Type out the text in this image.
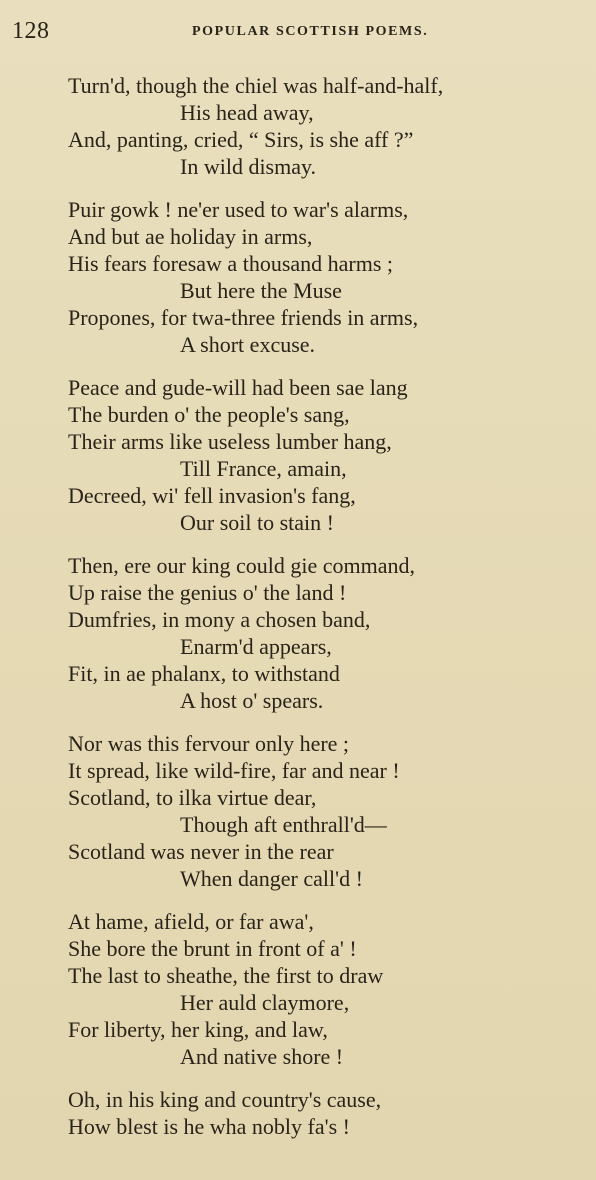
128	POPULAR SCOTTISH POEMS.
Turn'd, though the chiel was half-and-half,
His head away,
And, panting, cried, “ Sirs, is she aff ?”
In wild dismay.
Puir gowk ! ne'er used to war's alarms,
And but ae holiday in arms,
His fears foresaw a thousand harms ;
But here the Muse
Propones, for twa-three friends in arms,
A short excuse.
Peace and gude-will had been sae lang
The burden o' the people's sang,
Their arms like useless lumber hang,
Till France, amain,
Decreed, wi' fell invasion's fang,
Our soil to stain !
Then, ere our king could gie command,
Up raise the genius o' the land !
Dumfries, in mony a chosen band,
Enarm'd appears,
Fit, in ae phalanx, to withstand
A host o' spears.
Nor was this fervour only here ;
It spread, like wild-fire, far and near !
Scotland, to ilka virtue dear,
Though aft enthrall'd—
Scotland was never in the rear
When danger call'd !
At hame, afield, or far awa',
She bore the brunt in front of a' !
The last to sheathe, the first to draw
Her auld claymore,
For liberty, her king, and law,
And native shore !
Oh, in his king and country's cause,
How blest is he wha nobly fa's !
